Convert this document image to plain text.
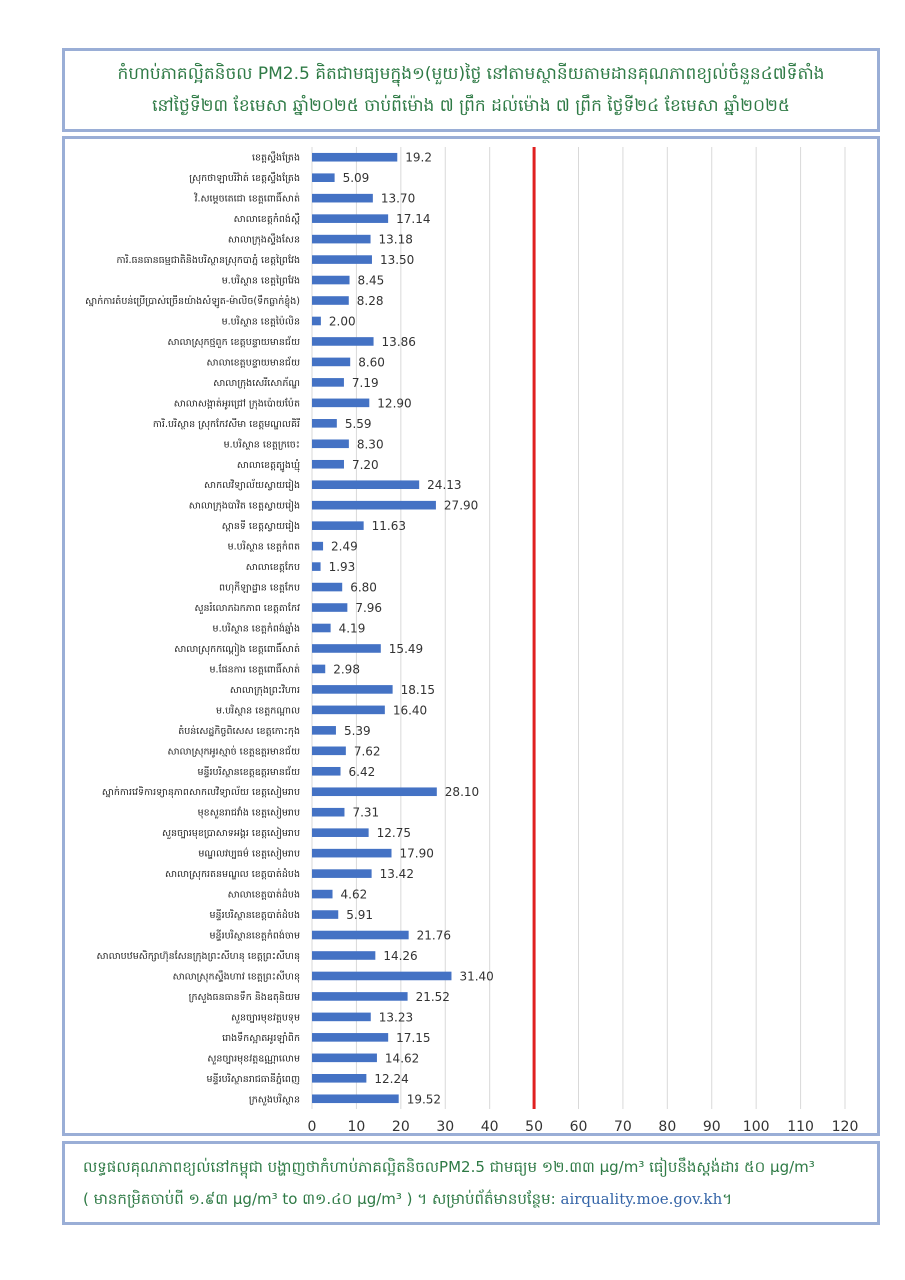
កំហាប់ភាគល្អិតនិចល PM2.5 គិតជាមធ្យមក្នុង១(មួយ)ថ្ងៃ នៅតាមស្ថានីយតាមដានគុណភាពខ្យល់ចំនួន៤៧ទីតាំង
នៅថ្ងៃទី២៣ ខែមេសា ឆ្នាំ២០២៥ ចាប់ពីម៉ោង ៧ ព្រឹក ដល់ម៉ោង ៧ ព្រឹក ថ្ងៃទី២៤ ខែមេសា ឆ្នាំ២០២៥
0 10 20 30 40 50 60 70 80 90 100 110 120
ខេត្តស្ទឹងត្រែង	19.2
ស្រុកថាឡាបរិវ៉ាត់ ខេត្តស្ទឹងត្រែង	5.09
វិ.សម្តេចតេជោ ខេត្តពោធិ៍សាត់	13.70
សាលាខេត្តកំពង់ស្ពឺ	17.14
សាលាក្រុងស្ទឹងសែន	13.18
ការិ.ធនធានធម្មជាតិនិងបរិស្ថានស្រុកបាភ្នំ ខេត្តព្រៃវែង	13.50
ម.បរិស្ថាន ខេត្តព្រៃវែង	8.45
ស្នាក់ការតំបន់ប្រើប្រាស់ច្រើនយ៉ាងសំឡូត-ម៉ាលិច(ទឹកធ្លាក់ខ្ញុំង)	8.28
ម.បរិស្ថាន ខេត្តប៉ៃលិន 2.00
សាលាស្រុកថ្មពួក ខេត្តបន្ទាយមានជ័យ	13.86
សាលាខេត្តបន្ទាយមានជ័យ	8.60
សាលាក្រុងសេរីសោភ័ណ្ឌ	7.19
សាលាសង្កាត់អូរជ្រៅ ក្រុងប៉ោយប៉ែត	12.90
ការិ.បរិស្ថាន ស្រុកកែវសីមា ខេត្តមណ្ឌលគិរី	5.59
ម.បរិស្ថាន ខេត្តក្រចេះ	8.30
សាលាខេត្តត្បូងឃ្មុំ	7.20
សាកលវិទ្យាល័យស្វាយរៀង	24.13
សាលាក្រុងបាវិត ខេត្តស្វាយរៀង	27.90
ស្ពានទី ខេត្តស្វាយរៀង	11.63
ម.បរិស្ថាន ខេត្តកំពត	2.49
សាលាខេត្តកែប 1.93
ពហុកីឡាដ្ឋាន ខេត្តកែប	6.80
សួនរំលោភឯកភាព ខេត្តតាកែវ	7.96
ម.បរិស្ថាន ខេត្តកំពង់ឆ្នាំង	4.19
សាលាស្រុកកណ្តៀង ខេត្តពោធិ៍សាត់	15.49
ម.ផែនការ ខេត្តពោធិ៍សាត់	2.98
សាលាក្រុងព្រះវិហារ	18.15
ម.បរិស្ថាន ខេត្តកណ្តាល	16.40
តំបន់សេដ្ឋកិច្ចពិសេស ខេត្តកោះកុង	5.39
សាលាស្រុកអូរស្មាច់ ខេត្តឧត្តរមានជ័យ	7.62
មន្ទីរបរិស្ថានខេត្តឧត្តរមានជ័យ	6.42
ស្នាក់ការវេទិការទ្យានុភាពសាកលវិទ្យាល័យ ខេត្តសៀមរាប	28.10
មុខសួនរាជវាំង ខេត្តសៀមរាប	7.31
សួនច្បារមុខប្រាសាទអង្គរ ខេត្តសៀមរាប	12.75
មណ្ឌលវប្បធម៌ ខេត្តសៀមរាប	17.90
សាលាស្រុករតនមណ្ឌល ខេត្តបាត់ដំបង	13.42
សាលាខេត្តបាត់ដំបង	4.62
មន្ទីរបរិស្ថានខេត្តបាត់ដំបង	5.91
មន្ទីរបរិស្ថានខេត្តកំពង់ចាម	21.76
សាលាបឋមសិក្សាហ៊ុនសែនក្រុងព្រះសីហនុ ខេត្តព្រះសីហនុ	14.26
សាលាស្រុកស្ទឹងហាវ ខេត្តព្រះសីហនុ	31.40
ក្រសួងធនធានទឹក និងឧតុនិយម	21.52
សួនច្បារមុខវត្តបទុម	13.23
រោងទឹកស្អាតអូរឡាំពិក	17.15
សួនច្បារមុខវត្តឧណ្ណាលោម	14.62
មន្ទីរបរិស្ថានរាជធានីភ្នំពេញ	12.24
ក្រសួងបរិស្ថាន	19.52
លទ្ធផលគុណភាពខ្យល់នៅកម្ពុជា បង្ហាញថាកំហាប់ភាគល្អិតនិចលPM2.5 ជាមធ្យម ១២.៣៣ µg/m³ ធៀបនឹងស្តង់ដារ ៥០ µg/m³
( មានកម្រិតចាប់ពី ១.៩៣ µg/m³ to ៣១.៤០ µg/m³ ) ។ សម្រាប់ព័ត៌មានបន្ថែម: airquality.moe.gov.kh។
